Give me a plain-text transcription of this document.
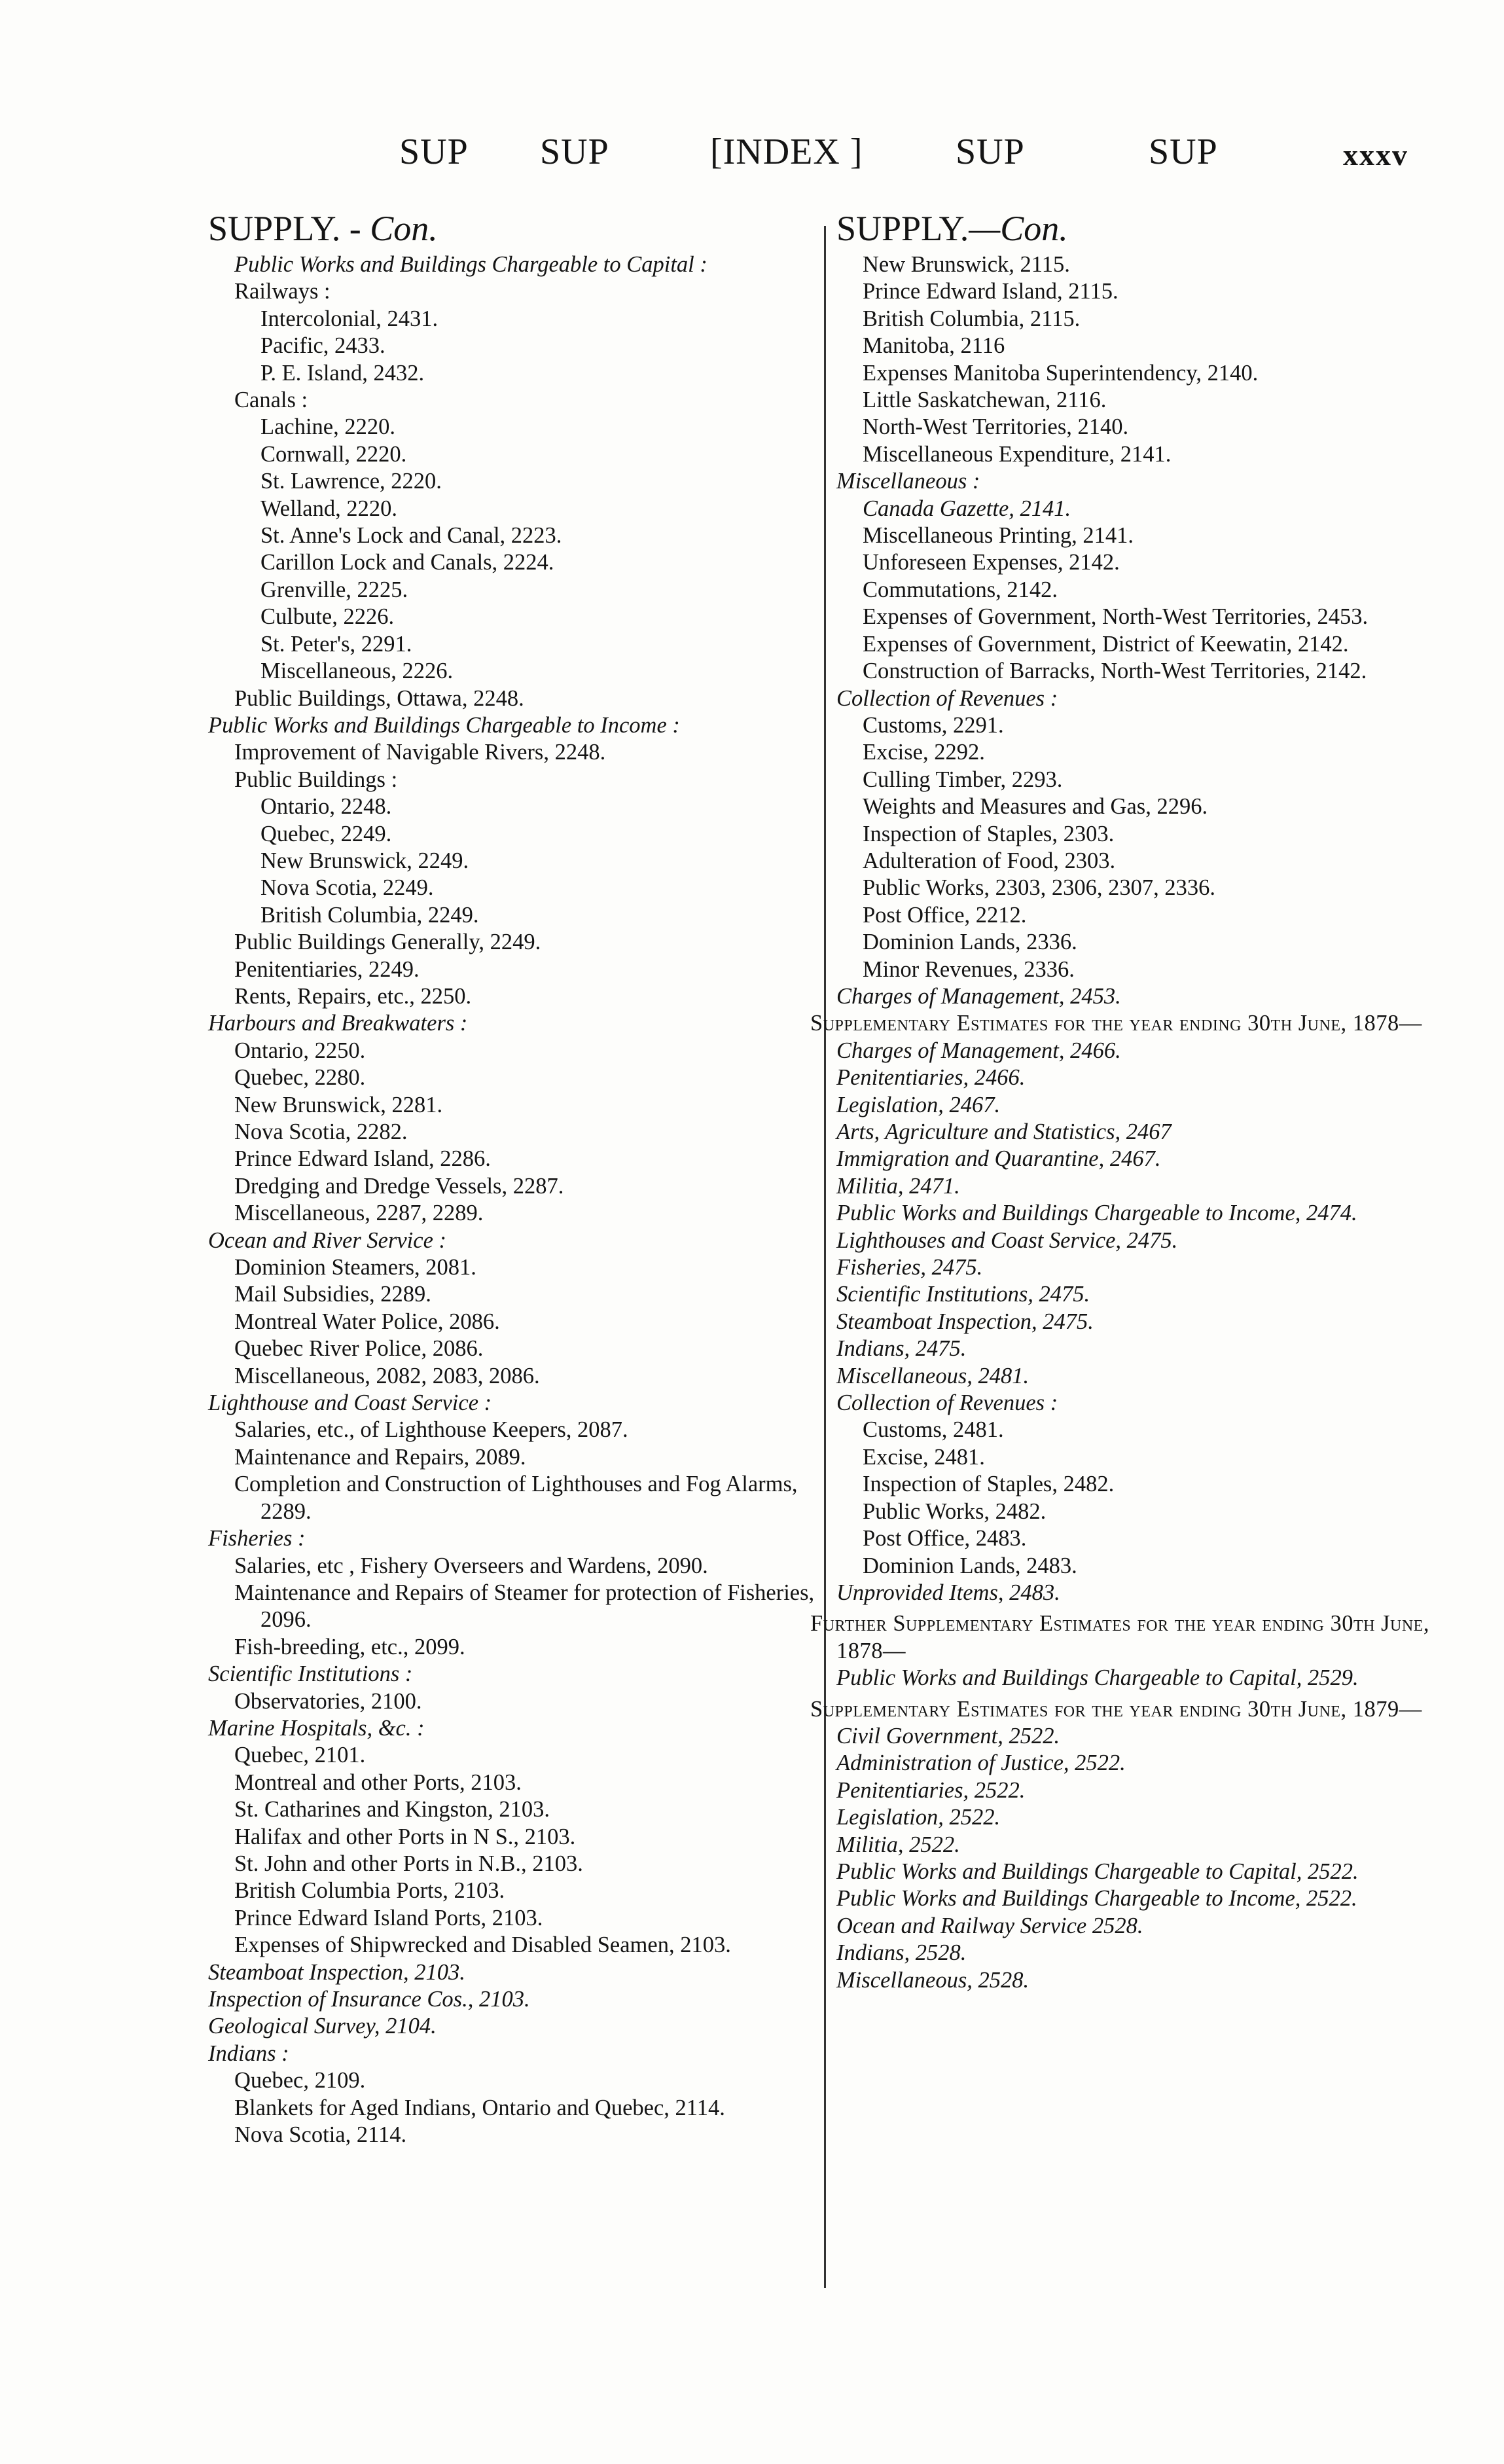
SUP SUP	[INDEX ]	SUP	SUP	xxxv
SUPPLY. - Con.
Public Works and Buildings Chargeable to Capital :
Railways :
Intercolonial, 2431.
Pacific, 2433.
P. E. Island, 2432.
Canals :
Lachine, 2220.
Cornwall, 2220.
St. Lawrence, 2220.
Welland, 2220.
St. Anne's Lock and Canal, 2223.
Carillon Lock and Canals, 2224.
Grenville, 2225.
Culbute, 2226.
St. Peter's, 2291.
Miscellaneous, 2226.
Public Buildings, Ottawa, 2248.
Public Works and Buildings Chargeable to Income :
Improvement of Navigable Rivers, 2248.
Public Buildings :
Ontario, 2248.
Quebec, 2249.
New Brunswick, 2249.
Nova Scotia, 2249.
British Columbia, 2249.
Public Buildings Generally, 2249.
Penitentiaries, 2249.
Rents, Repairs, etc., 2250.
Harbours and Breakwaters :
Ontario, 2250.
Quebec, 2280.
New Brunswick, 2281.
Nova Scotia, 2282.
Prince Edward Island, 2286.
Dredging and Dredge Vessels, 2287.
Miscellaneous, 2287, 2289.
Ocean and River Service :
Dominion Steamers, 2081.
Mail Subsidies, 2289.
Montreal Water Police, 2086.
Quebec River Police, 2086.
Miscellaneous, 2082, 2083, 2086.
Lighthouse and Coast Service :
Salaries, etc., of Lighthouse Keepers, 2087.
Maintenance and Repairs, 2089.
Completion and Construction of Lighthouses and Fog Alarms, 2289.
Fisheries :
Salaries, etc , Fishery Overseers and Wardens, 2090.
Maintenance and Repairs of Steamer for protection of Fisheries, 2096.
Fish-breeding, etc., 2099.
Scientific Institutions :
Observatories, 2100.
Marine Hospitals, &c. :
Quebec, 2101.
Montreal and other Ports, 2103.
St. Catharines and Kingston, 2103.
Halifax and other Ports in N S., 2103.
St. John and other Ports in N.B., 2103.
British Columbia Ports, 2103.
Prince Edward Island Ports, 2103.
Expenses of Shipwrecked and Disabled Seamen, 2103.
Steamboat Inspection, 2103.
Inspection of Insurance Cos., 2103.
Geological Survey, 2104.
Indians :
Quebec, 2109.
Blankets for Aged Indians, Ontario and Quebec, 2114.
Nova Scotia, 2114.
SUPPLY.—Con.
New Brunswick, 2115.
Prince Edward Island, 2115.
British Columbia, 2115.
Manitoba, 2116
Expenses Manitoba Superintendency, 2140.
Little Saskatchewan, 2116.
North-West Territories, 2140.
Miscellaneous Expenditure, 2141.
Miscellaneous :
Canada Gazette, 2141.
Miscellaneous Printing, 2141.
Unforeseen Expenses, 2142.
Commutations, 2142.
Expenses of Government, North-West Territories, 2453.
Expenses of Government, District of Keewatin, 2142.
Construction of Barracks, North-West Territories, 2142.
Collection of Revenues :
Customs, 2291.
Excise, 2292.
Culling Timber, 2293.
Weights and Measures and Gas, 2296.
Inspection of Staples, 2303.
Adulteration of Food, 2303.
Public Works, 2303, 2306, 2307, 2336.
Post Office, 2212.
Dominion Lands, 2336.
Minor Revenues, 2336.
Charges of Management, 2453.
Supplementary Estimates for the year ending 30th June, 1878—
Charges of Management, 2466.
Penitentiaries, 2466.
Legislation, 2467.
Arts, Agriculture and Statistics, 2467
Immigration and Quarantine, 2467.
Militia, 2471.
Public Works and Buildings Chargeable to Income, 2474.
Lighthouses and Coast Service, 2475.
Fisheries, 2475.
Scientific Institutions, 2475.
Steamboat Inspection, 2475.
Indians, 2475.
Miscellaneous, 2481.
Collection of Revenues :
Customs, 2481.
Excise, 2481.
Inspection of Staples, 2482.
Public Works, 2482.
Post Office, 2483.
Dominion Lands, 2483.
Unprovided Items, 2483.
Further Supplementary Estimates for the year ending 30th June, 1878—
Public Works and Buildings Chargeable to Capital, 2529.
Supplementary Estimates for the year ending 30th June, 1879—
Civil Government, 2522.
Administration of Justice, 2522.
Penitentiaries, 2522.
Legislation, 2522.
Militia, 2522.
Public Works and Buildings Chargeable to Capital, 2522.
Public Works and Buildings Chargeable to Income, 2522.
Ocean and Railway Service 2528.
Indians, 2528.
Miscellaneous, 2528.
